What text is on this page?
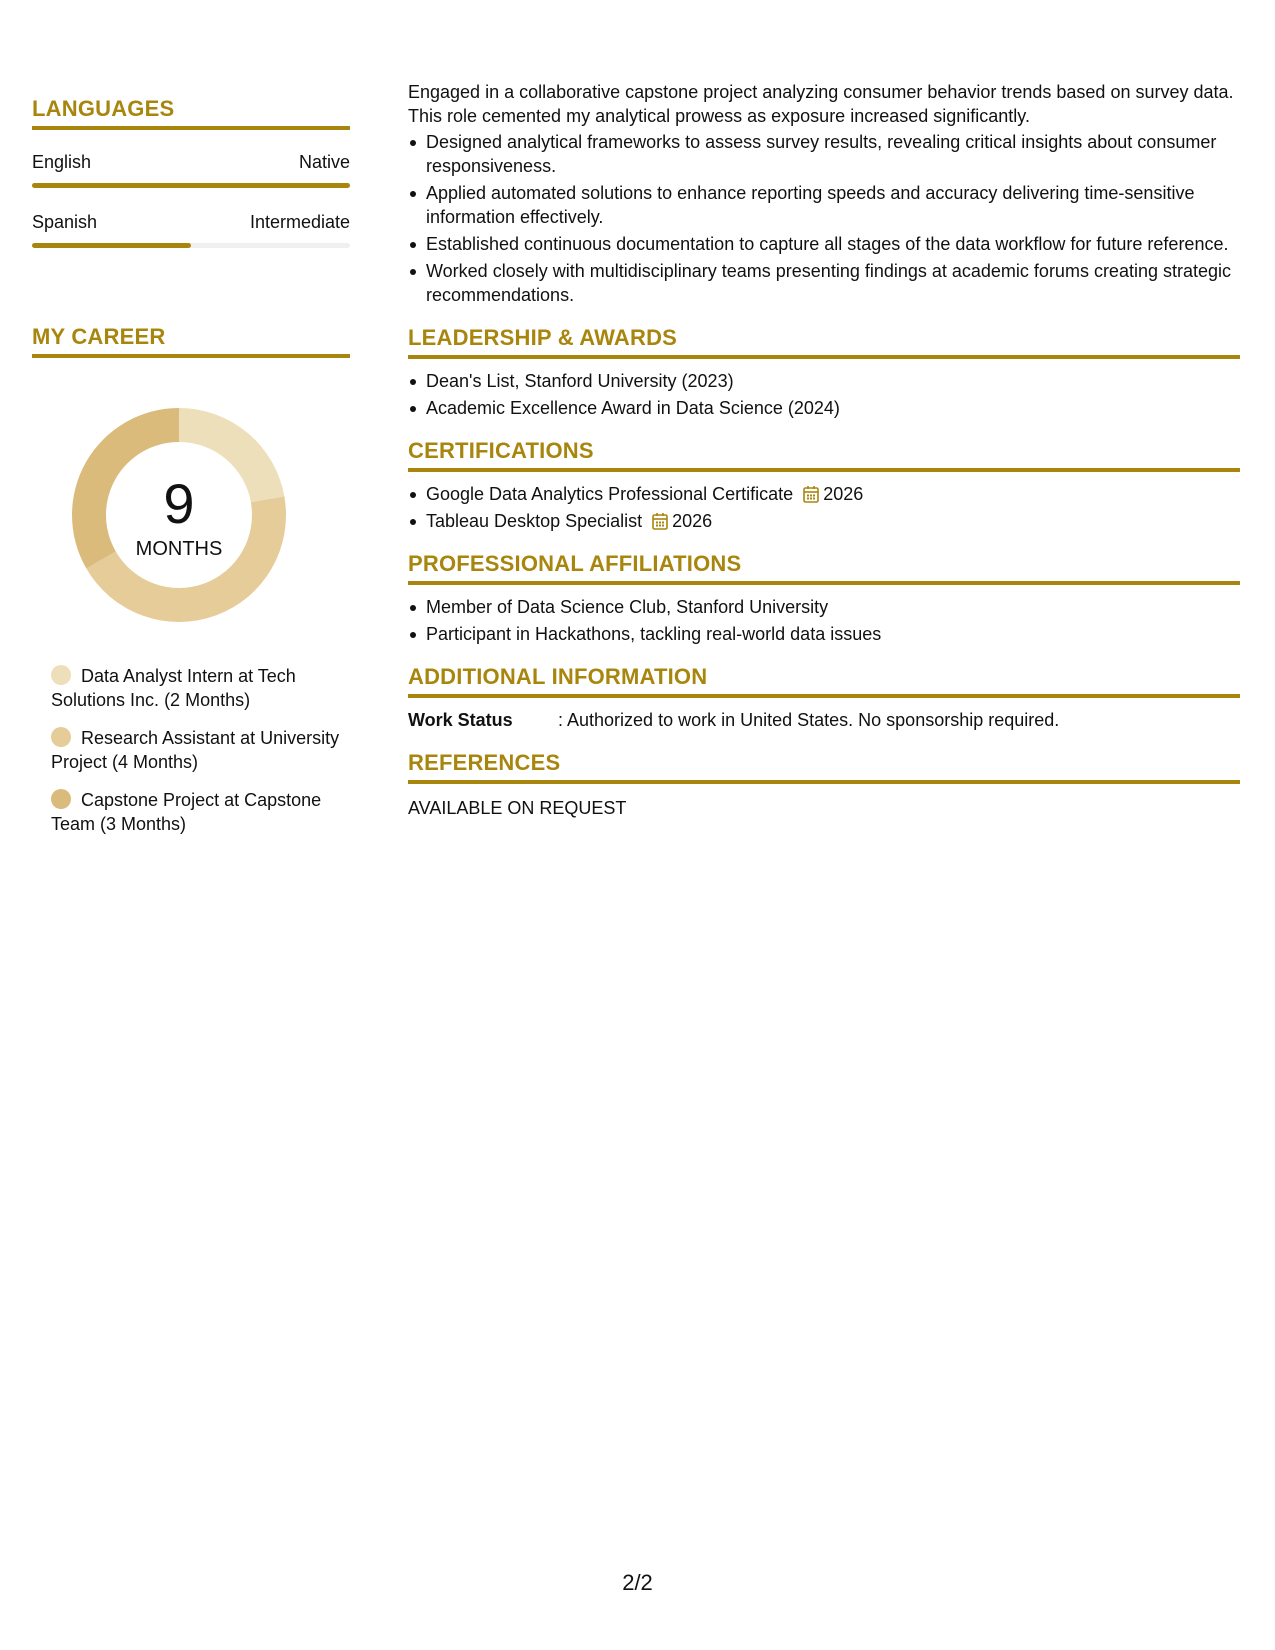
LANGUAGES
English	Native
Spanish	Intermediate
MY CAREER
9
MONTHS
Data Analyst Intern at Tech Solutions Inc. (2 Months)
Research Assistant at University Project (4 Months)
Capstone Project at Capstone Team (3 Months)

Engaged in a collaborative capstone project analyzing consumer behavior trends based on survey data. This role cemented my analytical prowess as exposure increased significantly.

Designed analytical frameworks to assess survey results, revealing critical insights about consumer responsiveness.
Applied automated solutions to enhance reporting speeds and accuracy delivering time-sensitive information effectively.
Established continuous documentation to capture all stages of the data workflow for future reference.
Worked closely with multidisciplinary teams presenting findings at academic forums creating strategic recommendations.
LEADERSHIP & AWARDS
Dean's List, Stanford University (2023)
Academic Excellence Award in Data Science (2024)
CERTIFICATIONS
Google Data Analytics Professional Certificate 2026
Tableau Desktop Specialist 2026
PROFESSIONAL AFFILIATIONS
Member of Data Science Club, Stanford University
Participant in Hackathons, tackling real-world data issues
ADDITIONAL INFORMATION
Work Status	: Authorized to work in United States. No sponsorship required.
REFERENCES
AVAILABLE ON REQUEST
2/2
